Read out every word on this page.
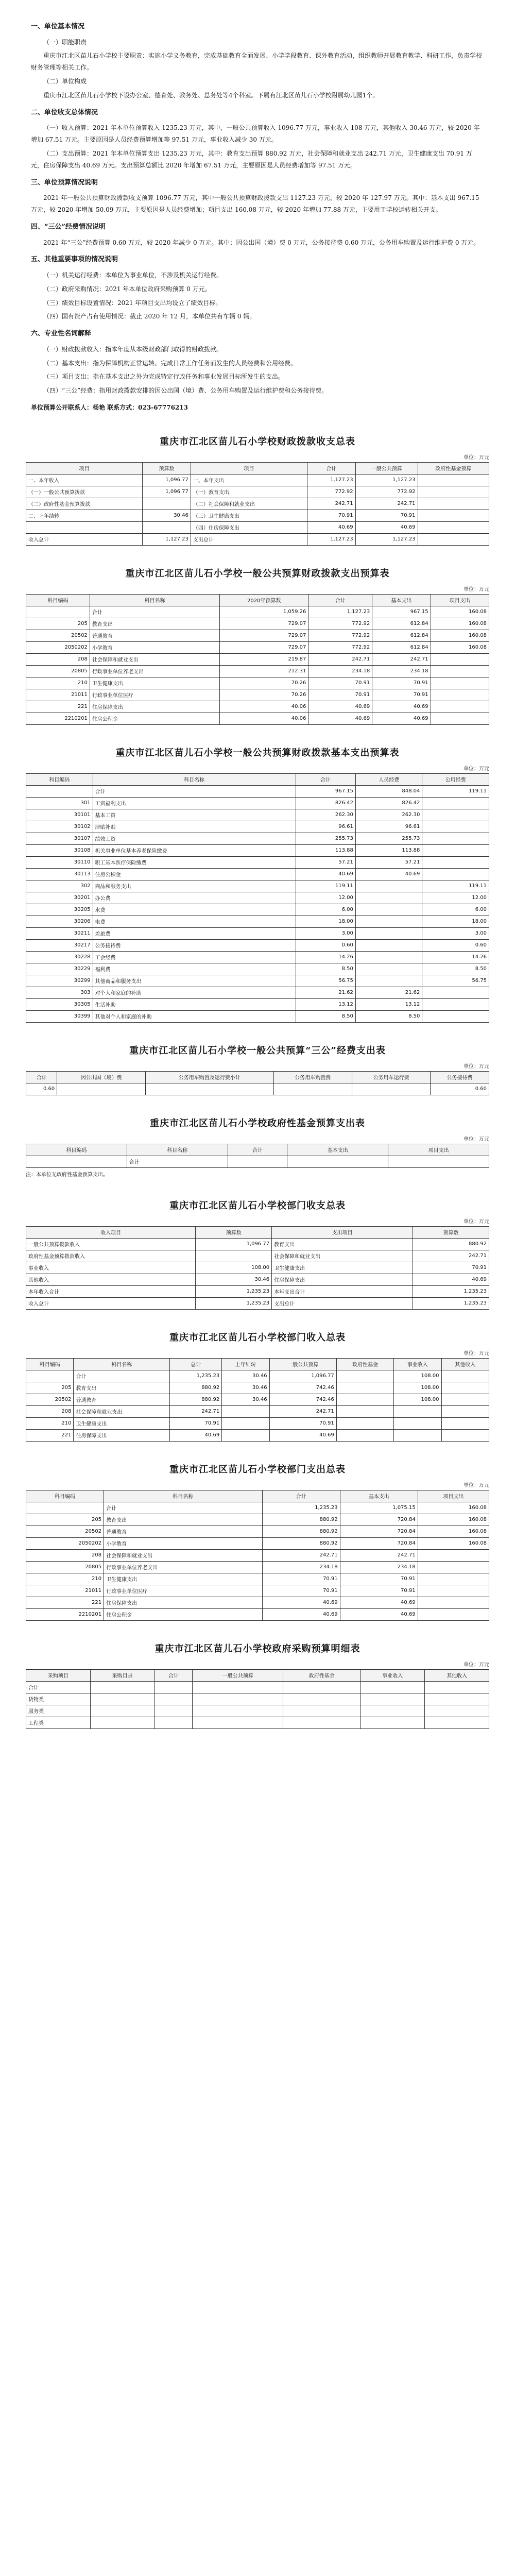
一、单位基本情况
（一）职能职责
重庆市江北区苗儿石小学校主要职责：实施小学义务教育，完成基础教育全面发展、小学学段教育、课外教育活动，组织教师开展教育教学、科研工作，负责学校财务管理等相关工作。
（二）单位构成
重庆市江北区苗儿石小学校下设办公室、德育处、教务处、总务处等4个科室。下属有江北区苗儿石小学校附属幼儿园1个。
二、单位收支总体情况
（一）收入预算：2021 年本单位预算收入 1235.23 万元，其中，一般公共预算收入 1096.77 万元，事业收入 108 万元，其他收入 30.46 万元，较 2020 年增加 67.51 万元。主要原因是人员经费预算增加等 97.51 万元，事业收入减少 30 万元。
（二）支出预算：2021 年本单位预算支出 1235.23 万元，其中：教育支出预算 880.92 万元，社会保障和就业支出 242.71 万元，卫生健康支出 70.91 万元，住房保障支出 40.69 万元。支出预算总额比 2020 年增加 67.51 万元，主要原因是人员经费增加等 97.51 万元。
三、单位预算情况说明
2021 年一般公共预算财政拨款收支预算 1096.77 万元，其中一般公共预算财政拨款支出 1127.23 万元，较 2020 年 127.97 万元。其中：基本支出 967.15 万元，较 2020 年增加 50.09 万元，主要原因是人员经费增加；项目支出 160.08 万元，较 2020 年增加 77.88 万元，主要用于学校运转相关开支。
四、“三公”经费情况说明
2021 年“三公”经费预算 0.60 万元，较 2020 年减少 0 万元。其中：因公出国（境）费 0 万元，公务接待费 0.60 万元，公务用车购置及运行维护费 0 万元。
五、其他重要事项的情况说明
（一）机关运行经费：本单位为事业单位，不涉及机关运行经费。
（二）政府采购情况：2021 年本单位政府采购预算 0 万元。
（三）绩效目标设置情况：2021 年项目支出均设立了绩效目标。
（四）国有资产占有使用情况：截止 2020 年 12 月，本单位共有车辆 0 辆。
六、专业性名词解释
（一）财政拨款收入：指本年度从本级财政部门取得的财政拨款。
（二）基本支出：指为保障机构正常运转、完成日常工作任务而发生的人员经费和公用经费。
（三）项目支出：指在基本支出之外为完成特定行政任务和事业发展目标所发生的支出。
（四）“三公”经费：指用财政拨款安排的因公出国（境）费、公务用车购置及运行维护费和公务接待费。
单位预算公开联系人：杨艳 联系方式：023-67776213
重庆市江北区苗儿石小学校财政拨款收支总表
单位：万元
项目	预算数	项目	合计	一般公共预算	政府性基金预算
一、本年收入	1,096.77	一、本年支出	1,127.23	1,127.23	
（一）一般公共预算拨款	1,096.77	（一）教育支出	772.92	772.92	
（二）政府性基金预算拨款		（二）社会保障和就业支出	242.71	242.71	
二、上年结转	30.46	（三）卫生健康支出	70.91	70.91	
		（四）住房保障支出	40.69	40.69	
收入总计	1,127.23	支出总计	1,127.23	1,127.23	
重庆市江北区苗儿石小学校一般公共预算财政拨款支出预算表
单位：万元
科目编码	科目名称	2020年预算数	合计	基本支出	项目支出
	合计	1,059.26	1,127.23	967.15	160.08
205	教育支出	729.07	772.92	612.84	160.08
20502	普通教育	729.07	772.92	612.84	160.08
2050202	小学教育	729.07	772.92	612.84	160.08
208	社会保障和就业支出	219.87	242.71	242.71	
20805	行政事业单位养老支出	212.31	234.18	234.18	
210	卫生健康支出	70.26	70.91	70.91	
21011	行政事业单位医疗	70.26	70.91	70.91	
221	住房保障支出	40.06	40.69	40.69	
2210201	住房公积金	40.06	40.69	40.69	
重庆市江北区苗儿石小学校一般公共预算财政拨款基本支出预算表
单位：万元
科目编码	科目名称	合计	人员经费	公用经费
	合计	967.15	848.04	119.11
301	工资福利支出	826.42	826.42	
30101	基本工资	262.30	262.30	
30102	津贴补贴	96.61	96.61	
30107	绩效工资	255.73	255.73	
30108	机关事业单位基本养老保险缴费	113.88	113.88	
30110	职工基本医疗保险缴费	57.21	57.21	
30113	住房公积金	40.69	40.69	
302	商品和服务支出	119.11		119.11
30201	办公费	12.00		12.00
30205	水费	6.00		6.00
30206	电费	18.00		18.00
30211	差旅费	3.00		3.00
30217	公务接待费	0.60		0.60
30228	工会经费	14.26		14.26
30229	福利费	8.50		8.50
30299	其他商品和服务支出	56.75		56.75
303	对个人和家庭的补助	21.62	21.62	
30305	生活补助	13.12	13.12	
30399	其他对个人和家庭的补助	8.50	8.50	
重庆市江北区苗儿石小学校一般公共预算“三公”经费支出表
单位：万元
合计	因公出国（境）费	公务用车购置及运行费小计	公务用车购置费	公务用车运行费	公务接待费
0.60					0.60
重庆市江北区苗儿石小学校政府性基金预算支出表
单位：万元
科目编码	科目名称	合计	基本支出	项目支出
	合计			
注：本单位无政府性基金预算支出。
重庆市江北区苗儿石小学校部门收支总表
单位：万元
收入项目	预算数	支出项目	预算数
一般公共预算拨款收入	1,096.77	教育支出	880.92
政府性基金预算拨款收入		社会保障和就业支出	242.71
事业收入	108.00	卫生健康支出	70.91
其他收入	30.46	住房保障支出	40.69
本年收入合计	1,235.23	本年支出合计	1,235.23
收入总计	1,235.23	支出总计	1,235.23
重庆市江北区苗儿石小学校部门收入总表
单位：万元
科目编码	科目名称	总计	上年结转	一般公共预算	政府性基金	事业收入	其他收入
	合计	1,235.23	30.46	1,096.77		108.00	
205	教育支出	880.92	30.46	742.46		108.00	
20502	普通教育	880.92	30.46	742.46		108.00	
208	社会保障和就业支出	242.71		242.71			
210	卫生健康支出	70.91		70.91			
221	住房保障支出	40.69		40.69			
重庆市江北区苗儿石小学校部门支出总表
单位：万元
科目编码	科目名称	合计	基本支出	项目支出
	合计	1,235.23	1,075.15	160.08
205	教育支出	880.92	720.84	160.08
20502	普通教育	880.92	720.84	160.08
2050202	小学教育	880.92	720.84	160.08
208	社会保障和就业支出	242.71	242.71	
20805	行政事业单位养老支出	234.18	234.18	
210	卫生健康支出	70.91	70.91	
21011	行政事业单位医疗	70.91	70.91	
221	住房保障支出	40.69	40.69	
2210201	住房公积金	40.69	40.69	
重庆市江北区苗儿石小学校政府采购预算明细表
单位：万元
采购项目	采购目录	合计	一般公共预算	政府性基金	事业收入	其他收入
合计						
货物类						
服务类						
工程类						
